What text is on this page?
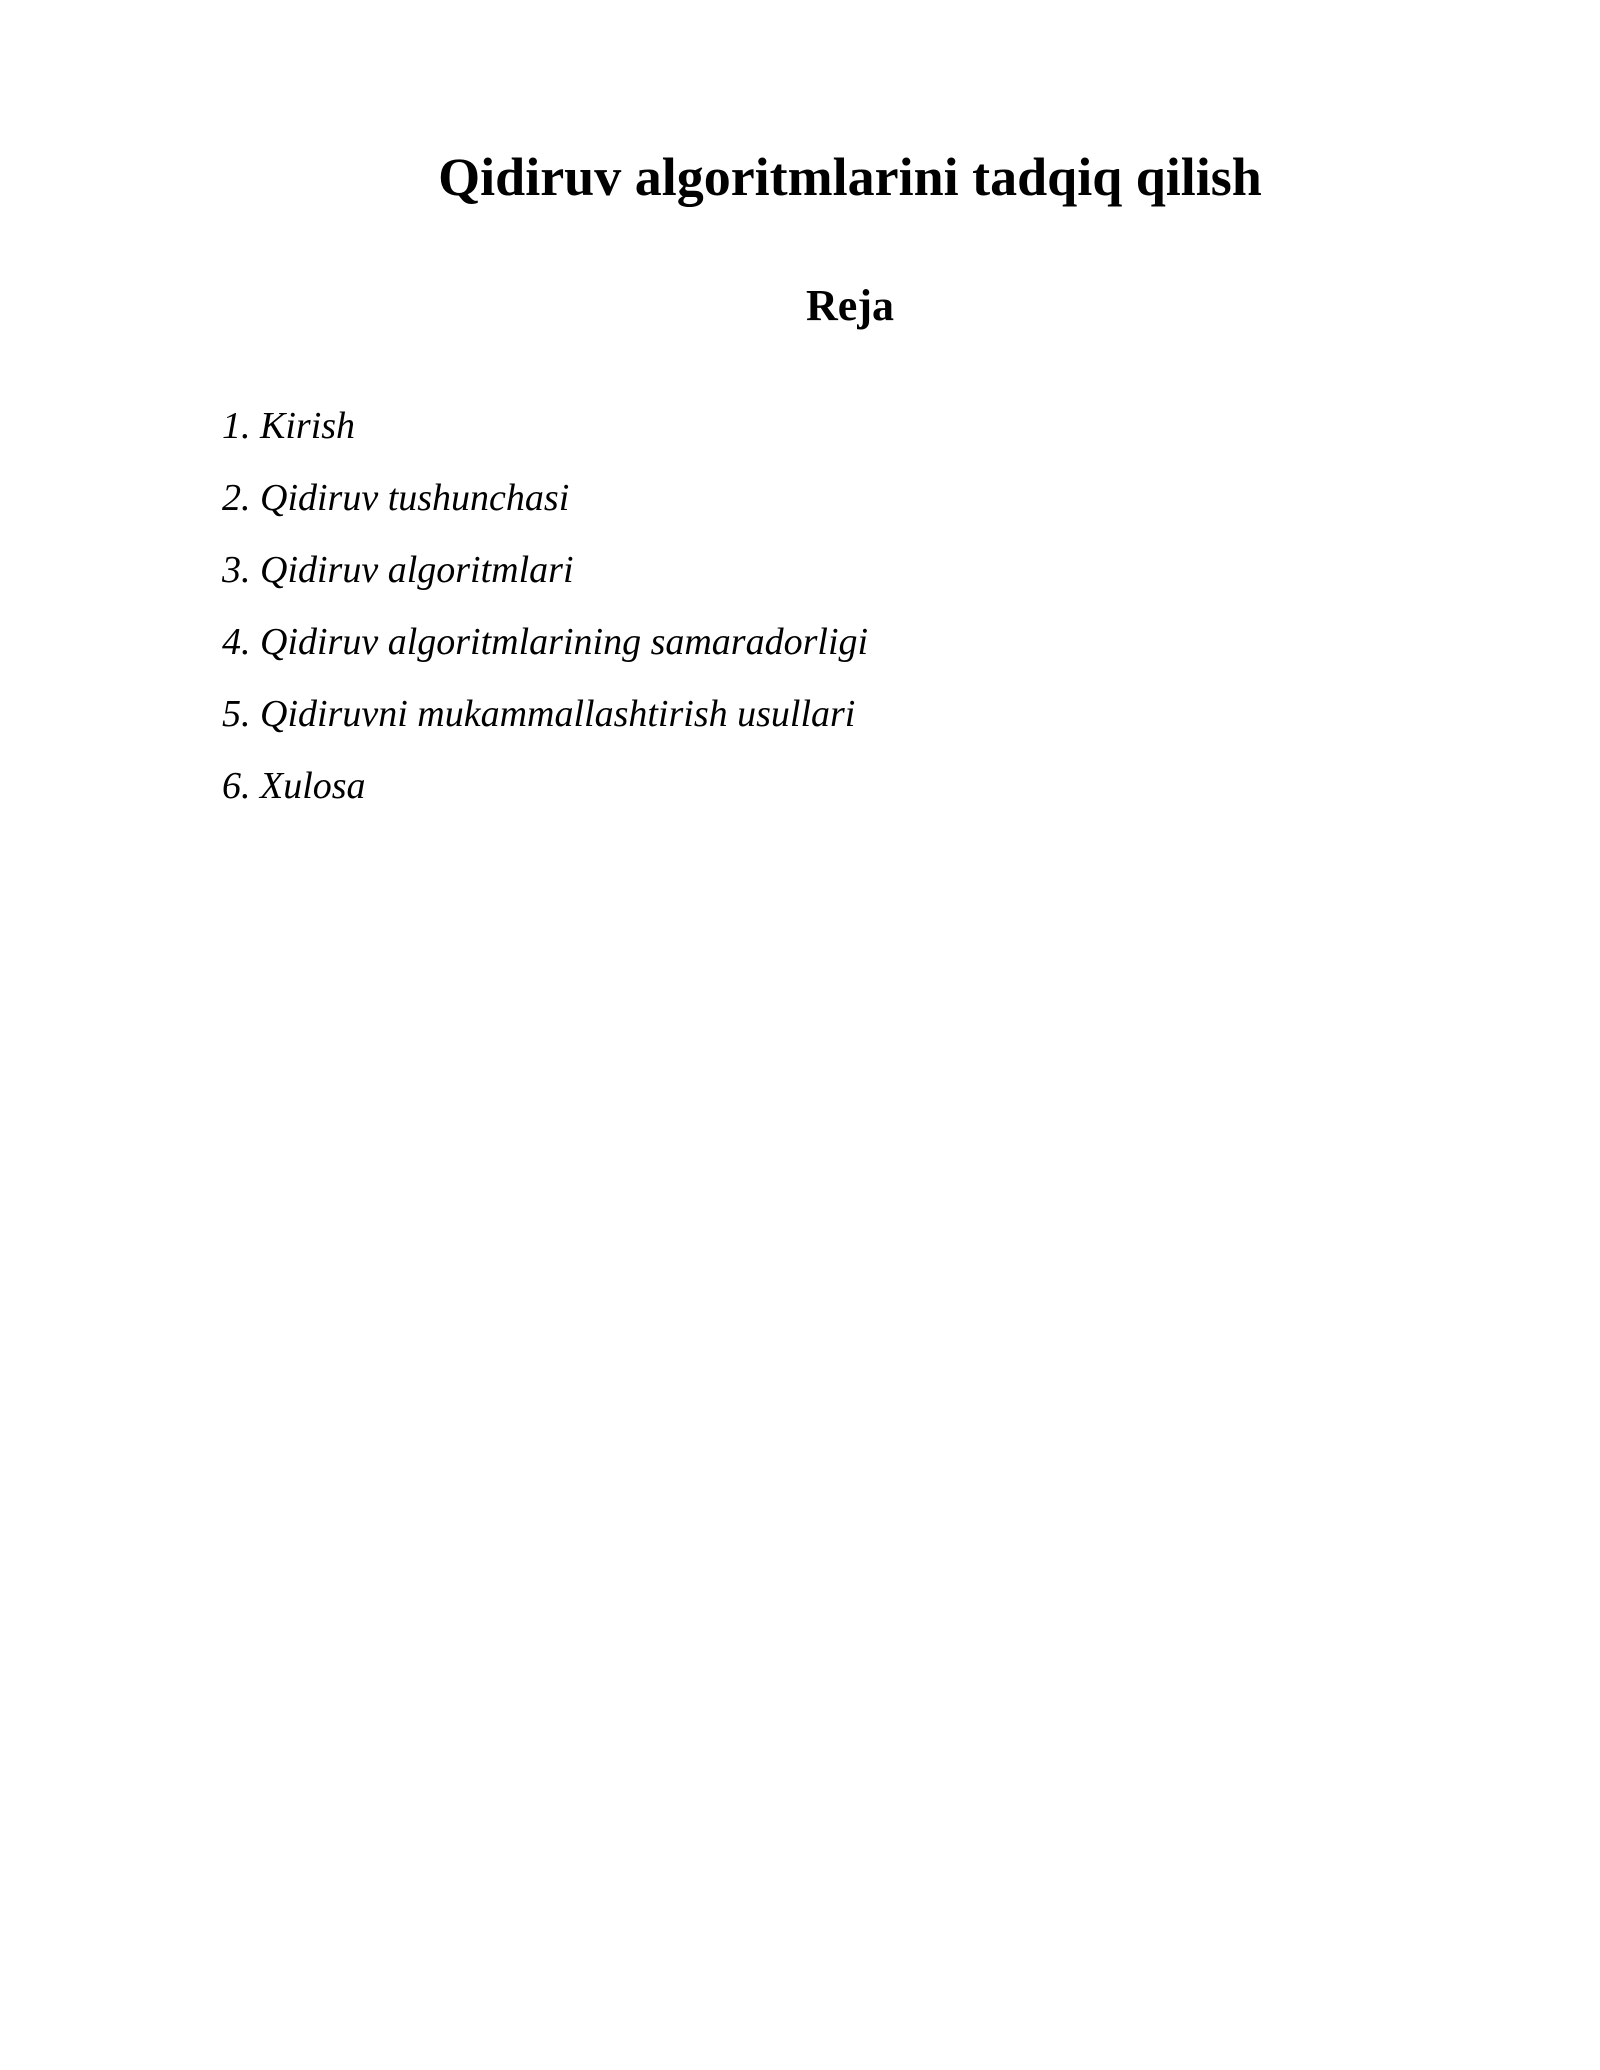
Qidiruv algoritmlarini tadqiq qilish
Reja
1. Kirish
2. Qidiruv tushunchasi
3. Qidiruv algoritmlari
4. Qidiruv algoritmlarining samaradorligi
5. Qidiruvni mukammallashtirish usullari
6. Xulosa
